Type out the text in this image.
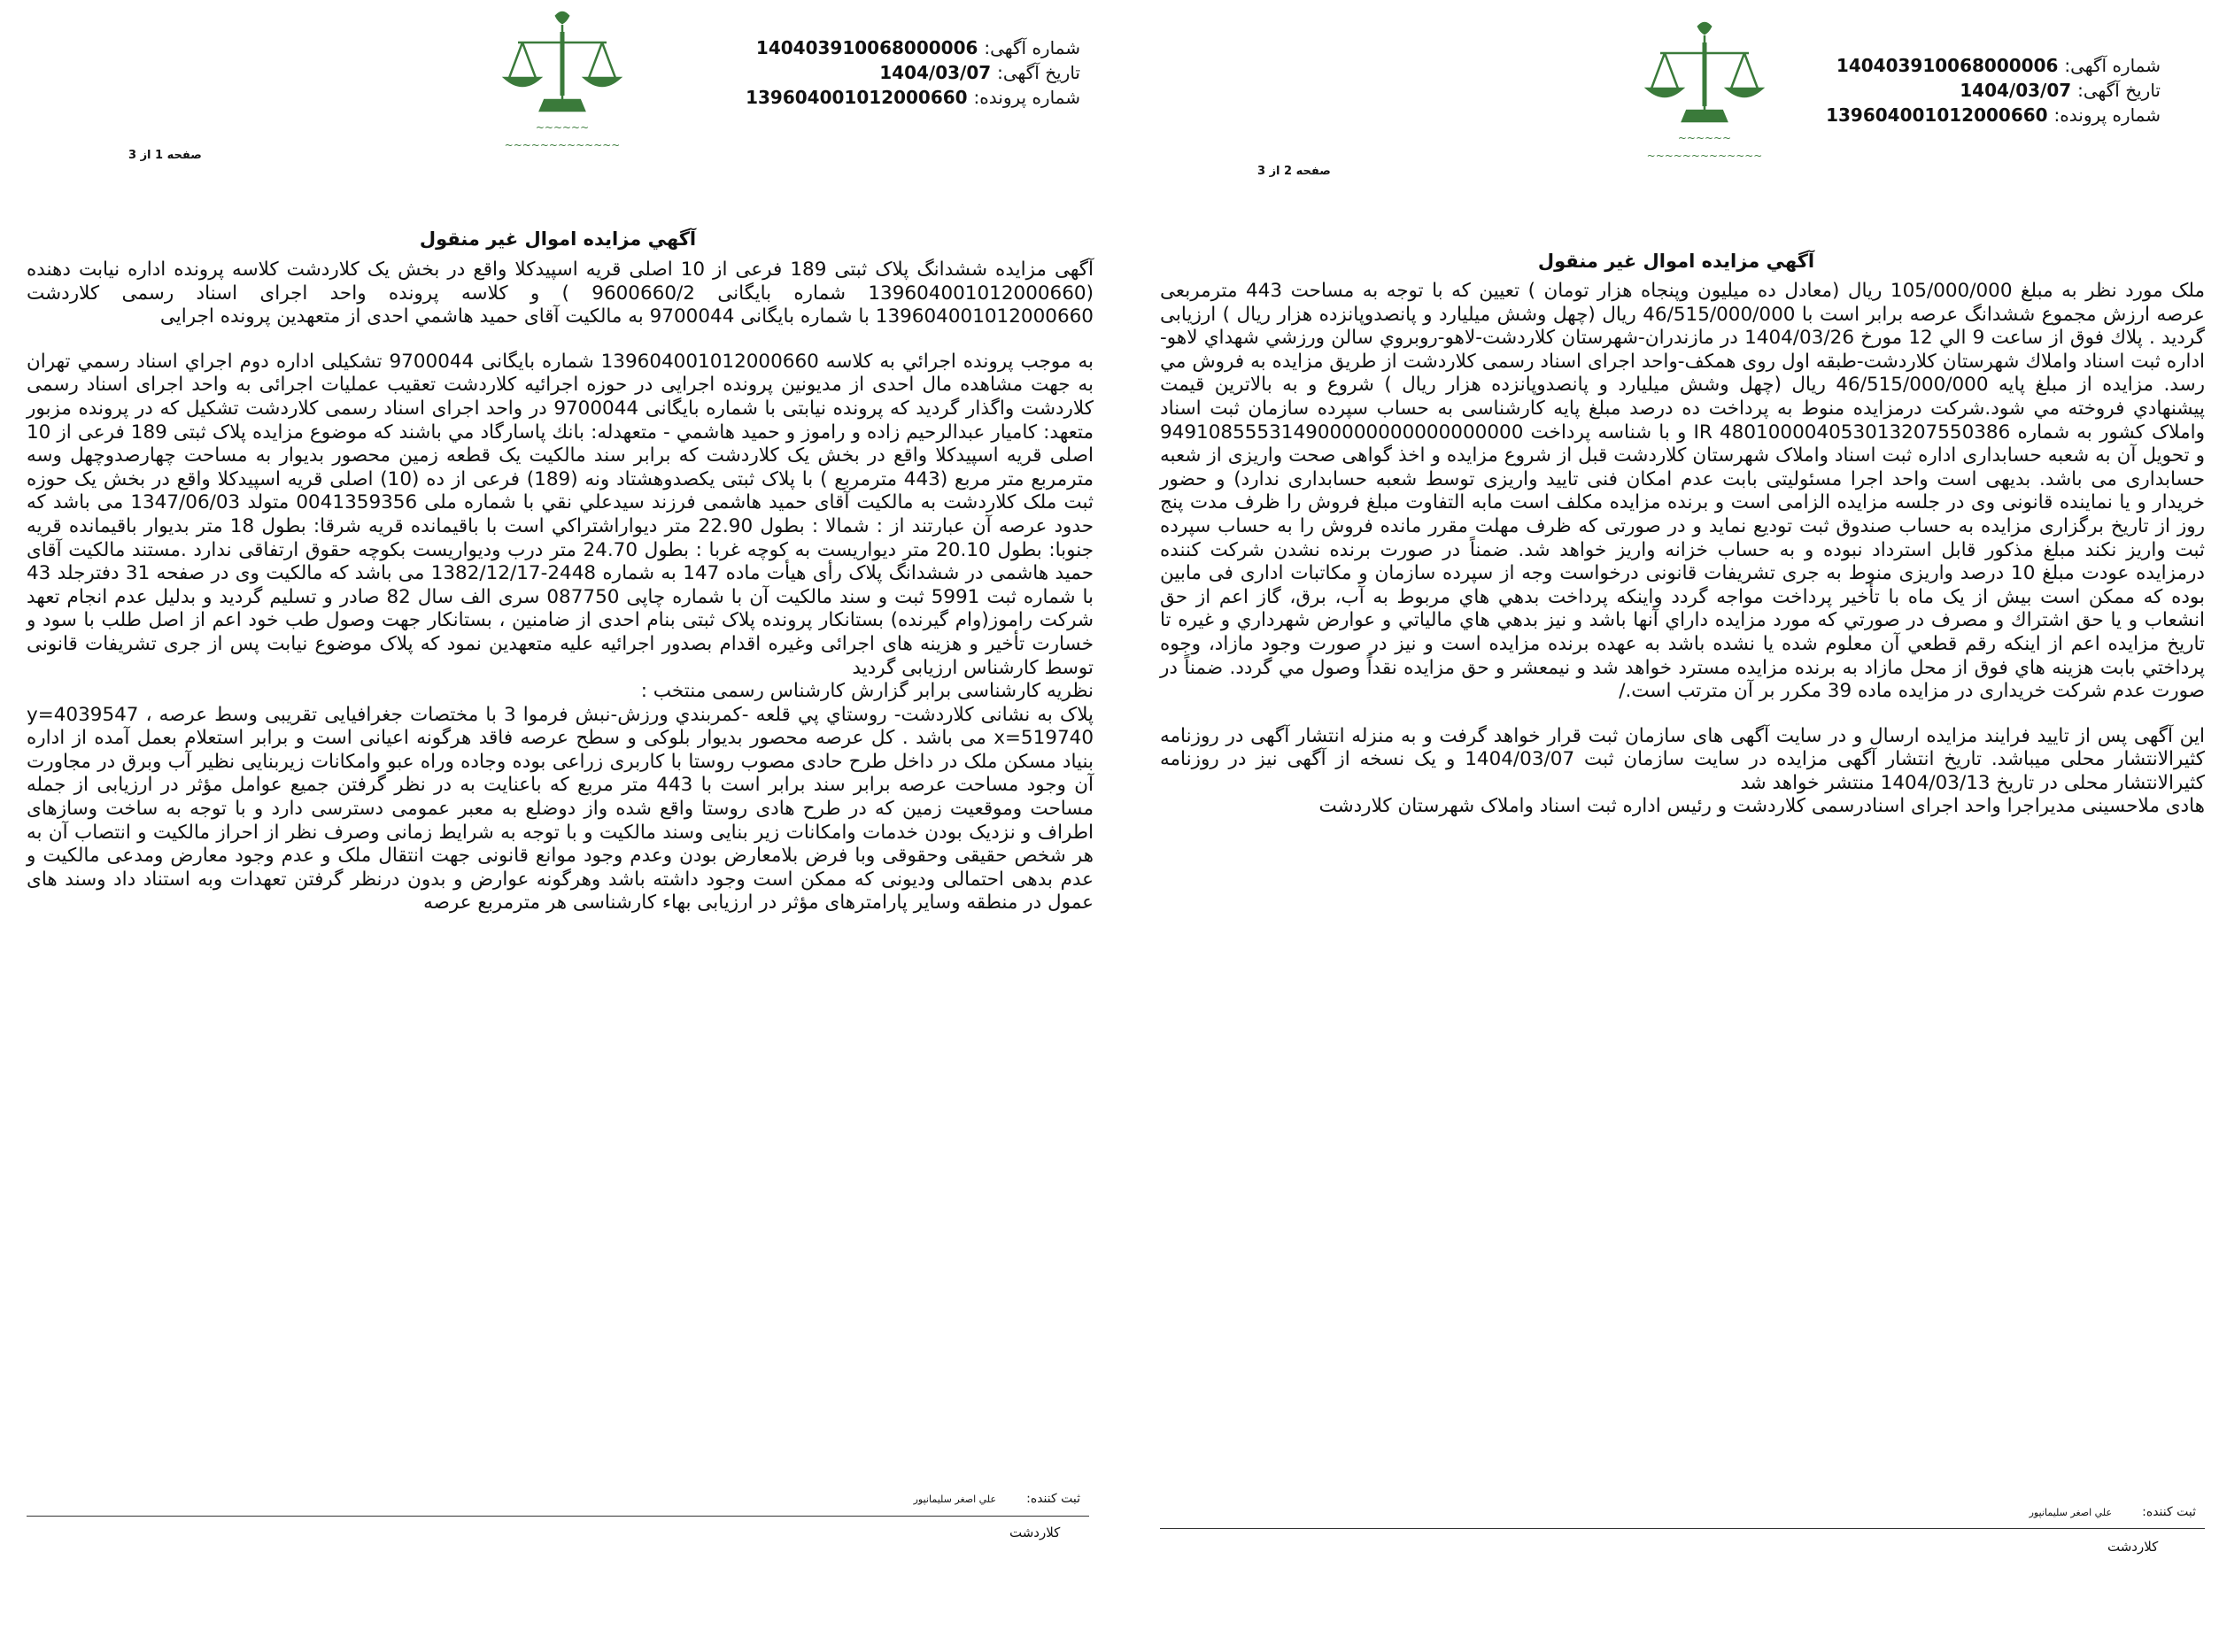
~~~~~~
~~~~~~~~~~~~~
شماره آگهی: 140403910068000006
تاریخ آگهی: 1404/03/07
شماره پرونده: 139604001012000660
صفحه 1 از 3
آگهي مزايده اموال غير منقول

آگهی مزایده ششدانگ پلاک ثبتی 189 فرعی از 10 اصلی قریه اسپیدکلا واقع در بخش یک کلاردشت کلاسه پرونده اداره نیابت دهنده (139604001012000660 شماره بایگانی 9600660/2 ) و کلاسه پرونده واحد اجرای اسناد رسمی کلاردشت 139604001012000660 با شماره بایگانی 9700044 به مالکیت آقای حمید هاشمي احدی از متعهدین پرونده اجرایی

به موجب پرونده اجرائي به کلاسه 139604001012000660 شماره بایگانی 9700044 تشکیلی اداره دوم اجراي اسناد رسمي تهران به جهت مشاهده مال احدی از مدیونین پرونده اجرایی در حوزه اجرائیه کلاردشت تعقیب عملیات اجرائی به واحد اجرای اسناد رسمی کلاردشت واگذار گردید که پرونده نیابتی با شماره بایگانی 9700044 در واحد اجرای اسناد رسمی کلاردشت تشکیل که در پرونده مزبور متعهد: کامیار عبدالرحیم زاده و راموز و حمید هاشمي - متعهدله: بانك پاسارگاد مي باشند که موضوع مزایده پلاک ثبتی 189 فرعی از 10 اصلی قریه اسپیدکلا واقع در بخش یک کلاردشت که برابر سند مالکیت یک قطعه زمین محصور بدیوار به مساحت چهارصدوچهل وسه مترمربع متر مربع (443 مترمربع ) با پلاک ثبتی یکصدوهشتاد ونه (189) فرعی از ده (10) اصلی قریه اسپیدکلا واقع در بخش یک حوزه ثبت ملک کلاردشت به مالکیت آقای حمید هاشمی فرزند سیدعلي نقي با شماره ملی 0041359356 متولد 1347/06/03 می باشد که حدود عرصه آن عبارتند از : شمالا : بطول 22.90 متر ديواراشتراكي است با باقيمانده قريه شرقا: بطول 18 متر بديوار باقيمانده قريه جنوبا: بطول 20.10 متر ديواريست به كوچه غربا : بطول 24.70 متر درب وديواريست بكوچه حقوق ارتفاقی ندارد .مستند مالکیت آقای حمید هاشمی در ششدانگ پلاک رأی هیأت ماده 147 به شماره 2448-1382/12/17 می باشد که مالکیت وی در صفحه 31 دفترجلد 43 با شماره ثبت 5991 ثبت و سند مالکیت آن با شماره چاپی 087750 سری الف سال 82 صادر و تسلیم گردید و بدلیل عدم انجام تعهد شرکت راموز(وام گیرنده) بستانکار پرونده پلاک ثبتی بنام احدی از ضامنین ، بستانکار جهت وصول طب خود اعم از اصل طلب با سود و خسارت تأخیر و هزینه های اجرائی وغیره اقدام بصدور اجرائیه علیه متعهدین نمود که پلاک موضوع نیابت پس از جری تشریفات قانونی توسط کارشناس ارزیابی گردید

نظریه کارشناسی برابر گزارش کارشناس رسمی منتخب :

پلاک به نشانی کلاردشت- روستاي پي قلعه -کمربندي ورزش-نبش فرموا 3 با مختصات جغرافیایی تقریبی وسط عرصه y=4039547 ، x=519740 می باشد . کل عرصه محصور بدیوار بلوکی و سطح عرصه فاقد هرگونه اعیانی است و برابر استعلام بعمل آمده از اداره بنیاد مسکن ملک در داخل طرح حادی مصوب روستا با کاربری زراعی بوده وجاده وراه عبو وامکانات زیربنایی نظیر آب وبرق در مجاورت آن وجود مساحت عرصه برابر سند برابر است با 443 متر مربع که باعنایت به در نظر گرفتن جمیع عوامل مؤثر در ارزیابی از جمله مساحت وموقعیت زمین که در طرح هادی روستا واقع شده واز دوضلع به معبر عمومی دسترسی دارد و با توجه به ساخت وسازهای اطراف و نزدیک بودن خدمات وامکانات زیر بنایی وسند مالکیت و با توجه به شرایط زمانی وصرف نظر از احراز مالکیت و انتصاب آن به هر شخص حقیقی وحقوقی وبا فرض بلامعارض بودن وعدم وجود موانع قانونی جهت انتقال ملک و عدم وجود معارض ومدعی مالکیت و عدم بدهی احتمالی ودیونی که ممکن است وجود داشته باشد وهرگونه عوارض و بدون درنظر گرفتن تعهدات وبه استناد داد وسند های عمول در منطقه وسایر پارامترهای مؤثر در ارزیابی بهاء کارشناسی هر مترمربع عرصه

ثبت كننده: علي اصغر سليمانپور
كلاردشت
~~~~~~
~~~~~~~~~~~~~
شماره آگهی: 140403910068000006
تاریخ آگهی: 1404/03/07
شماره پرونده: 139604001012000660
صفحه 2 از 3
آگهي مزايده اموال غير منقول

ملک مورد نظر به مبلغ 105/000/000 ريال (معادل ده میلیون وپنجاه هزار تومان ) تعیین که با توجه به مساحت 443 مترمربعی عرصه ارزش مجموع ششدانگ عرصه برابر است با 46/515/000/000 ريال (چهل وشش میلیارد و پانصدوپانزده هزار ريال ) ارزیابی گردید . پلاك فوق از ساعت 9 الي 12 مورخ 1404/03/26 در مازندران-شهرستان كلاردشت-لاهو-روبروي سالن ورزشي شهداي لاهو-اداره ثبت اسناد واملاك شهرستان كلاردشت-طبقه اول روی همکف-واحد اجرای اسناد رسمی کلاردشت از طریق مزایده به فروش مي رسد. مزایده از مبلغ پایه 46/515/000/000 ريال (چهل وشش میلیارد و پانصدوپانزده هزار ريال ) شروع و به بالاترین قیمت پیشنهادي فروخته مي شود.شرکت درمزایده منوط به پرداخت ده درصد مبلغ پایه کارشناسی به حساب سپرده سازمان ثبت اسناد واملاک کشور به شماره IR 480100004053013207550386 و با شناسه پرداخت 949108555314900000000000000000 و تحویل آن به شعبه حسابداری اداره ثبت اسناد واملاک شهرستان كلاردشت قبل از شروع مزايده و اخذ گواهی صحت واریزی از شعبه حسابداری می باشد. بدیهی است واحد اجرا مسئولیتی بابت عدم امکان فنی تایید واریزی توسط شعبه حسابداری ندارد) و حضور خریدار و یا نماینده قانونی وی در جلسه مزایده الزامی است و برنده مزایده مکلف است مابه التفاوت مبلغ فروش را ظرف مدت پنج روز از تاریخ برگزاری مزایده به حساب صندوق ثبت تودیع نماید و در صورتی که ظرف مهلت مقرر مانده فروش را به حساب سپرده ثبت واریز نکند مبلغ مذکور قابل استرداد نبوده و به حساب خزانه واریز خواهد شد. ضمناً در صورت برنده نشدن شرکت کننده درمزایده عودت مبلغ 10 درصد واریزی منوط به جری تشریفات قانونی درخواست وجه از سپرده سازمان و مکاتبات اداری فی مابین بوده که ممکن است بیش از یک ماه با تأخیر پرداخت مواجه گردد واینکه پرداخت بدهي هاي مربوط به آب، برق، گاز اعم از حق انشعاب و يا حق اشتراك و مصرف در صورتي كه مورد مزايده داراي آنها باشد و نيز بدهي هاي مالياتي و عوارض شهرداري و غيره تا تاريخ مزايده اعم از اينكه رقم قطعي آن معلوم شده يا نشده باشد به عهده برنده مزايده است و نيز در صورت وجود مازاد، وجوه پرداختي بابت هزينه هاي فوق از محل مازاد به برنده مزايده مسترد خواهد شد و نيمعشر و حق مزايده نقداً وصول مي گردد. ضمناً در صورت عدم شرکت خریداری در مزایده ماده 39 مكرر بر آن مترتب است./

این آگهی پس از تایید فرایند مزایده ارسال و در سایت آگهی های سازمان ثبت قرار خواهد گرفت و به منزله انتشار آگهی در روزنامه کثیرالانتشار محلی میباشد. تاریخ انتشار آگهی مزایده در سایت سازمان ثبت 1404/03/07 و یک نسخه از آگهی نیز در روزنامه کثیرالانتشار محلی در تاریخ 1404/03/13 منتشر خواهد شد

هادی ملاحسینی مدیراجرا واحد اجرای اسنادرسمی کلاردشت و رئیس اداره ثبت اسناد واملاک شهرستان كلاردشت

ثبت كننده: علي اصغر سليمانپور
كلاردشت
